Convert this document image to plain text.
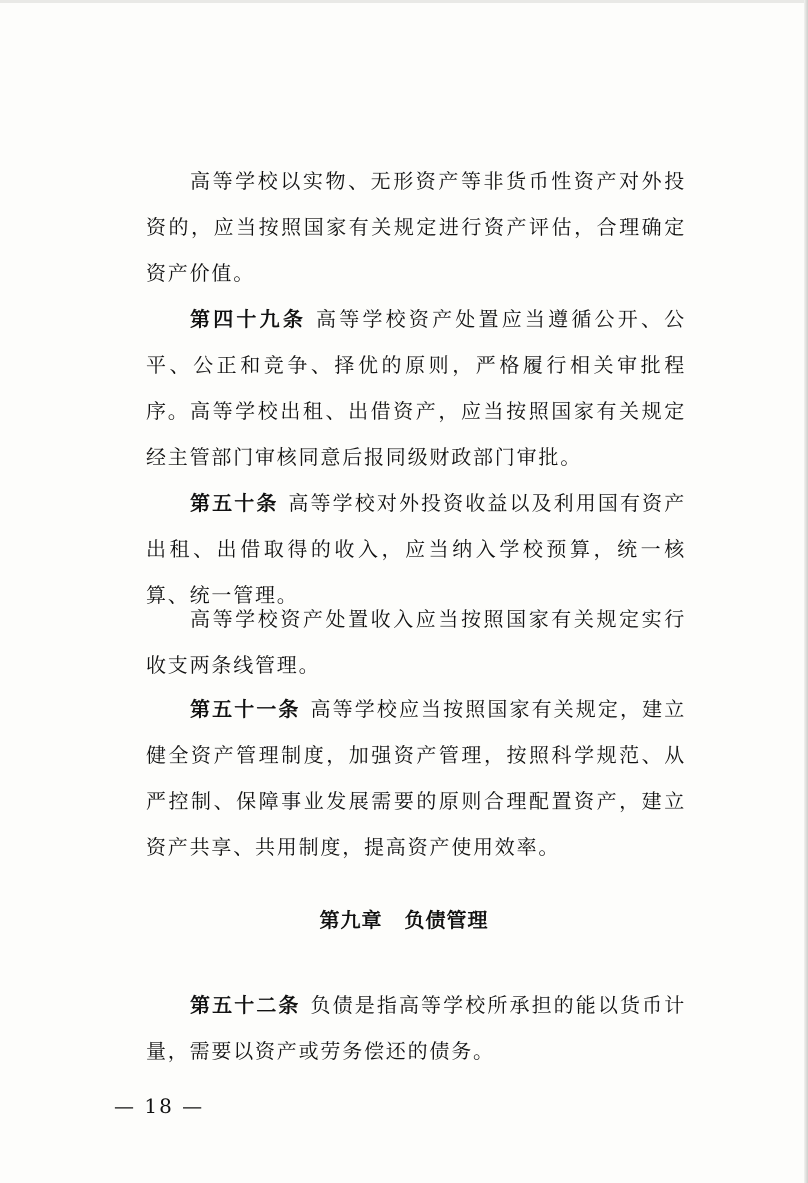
高等学校以实物、无形资产等非货币性资产对外投资的，应当按照国家有关规定进行资产评估，合理确定资产价值。

第四十九条 高等学校资产处置应当遵循公开、公平、公正和竞争、择优的原则，严格履行相关审批程序。 高等学校出租、出借资产，应当按照国家有关规定经主管部门审核同意后报同级财政部门审批。

第五十条 高等学校对外投资收益以及利用国有资产出租、出借取得的收入，应当纳入学校预算，统一核算、统一管理。

高等学校资产处置收入应当按照国家有关规定实行收支两条线管理。

第五十一条 高等学校应当按照国家有关规定，建立健全资产管理制度，加强资产管理，按照科学规范、从严控制、保障事业发展需要的原则合理配置资产，建立资产共享、共用制度，提高资产使用效率。

第九章 负债管理

第五十二条 负债是指高等学校所承担的能以货币计量，需要以资产或劳务偿还的债务。

— 18 —
